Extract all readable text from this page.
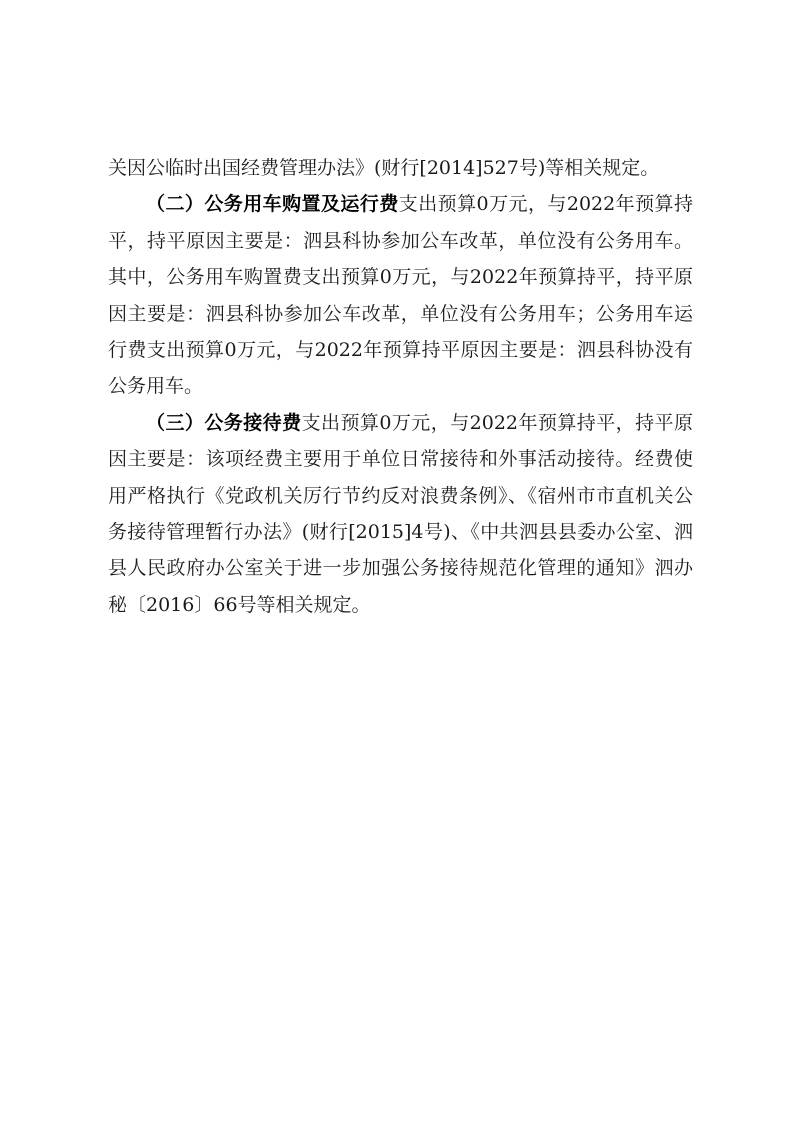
关因公临时出国经费管理办法》(财行[2014]527号)等相关规定。

（二）公务用车购置及运行费支出预算0万元，与2022年预算持平，持平原因主要是：泗县科协参加公车改革，单位没有公务用车。其中，公务用车购置费支出预算0万元，与2022年预算持平，持平原因主要是：泗县科协参加公车改革，单位没有公务用车；公务用车运行费支出预算0万元，与2022年预算持平原因主要是：泗县科协没有公务用车。

（三）公务接待费支出预算0万元，与2022年预算持平，持平原因主要是：该项经费主要用于单位日常接待和外事活动接待。经费使用严格执行《党政机关厉行节约反对浪费条例》、《宿州市市直机关公务接待管理暂行办法》(财行[2015]4号)、《中共泗县县委办公室、泗县人民政府办公室关于进一步加强公务接待规范化管理的通知》泗办秘〔2016〕66号等相关规定。
